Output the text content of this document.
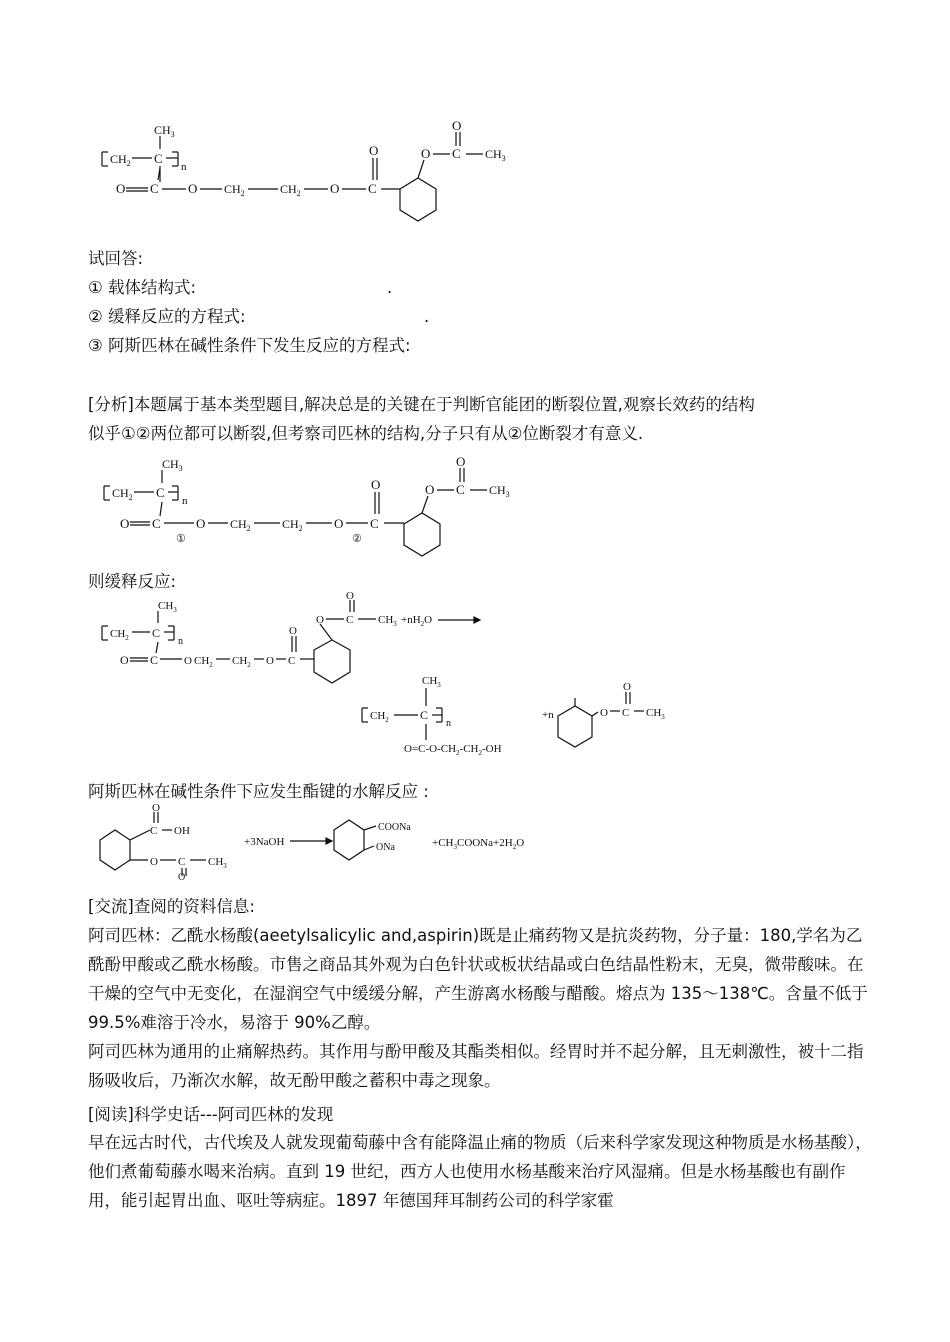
$CH_2$ C
$CH_3$
n
O C O $CH_2$	$CH_2$ O C
O	O C
O
$CH_3$
试回答:
① 载体结构式:	.
② 缓释反应的方程式:	.
③ 阿斯匹林在碱性条件下发生反应的方程式:
[分析]本题属于基本类型题目,解决总是的关键在于判断官能团的断裂位置,观察长效药的结构
似乎①②两位都可以断裂,但考察司匹林的结构,分子只有从②位断裂才有意义.
$CH_2$ C
$CH_3$
n
O C
①
O $CH_2$	$CH_2$ O
②
C
O	O C
O
$CH_3$
则缓释反应:
$CH_2$ C
$CH_3$
n
O C O $CH_2$ $CH_2$ O C
O
O C
O
$CH_3 +nH_2O$
$CH_2$	C
$CH_3$
n
$O=C-O-CH_2-CH_2-OH$
+n	O C
O
$CH_3$
阿斯匹林在碱性条件下应发生酯键的水解反应 :
C
O
OH
O C
O
$CH_3$
+3NaOH
COONa
ONa	$+CH_3COONa+2H_2O$
[交流]查阅的资料信息:

阿司匹林：乙酰水杨酸(aeetylsalicylic and,aspirin)既是止痛药物又是抗炎药物，分子量：180,学名为乙酰酚甲酸或乙酰水杨酸。市售之商品其外观为白色针状或板状结晶或白色结晶性粉末，无臭，微带酸味。在干燥的空气中无变化，在湿润空气中缓缓分解，产生游离水杨酸与醋酸。熔点为 135～138℃。含量不低于 99.5%难溶于冷水，易溶于 90%乙醇。

阿司匹林为通用的止痛解热药。其作用与酚甲酸及其酯类相似。经胃时并不起分解，且无刺激性，被十二指肠吸收后，乃渐次水解，故无酚甲酸之蓄积中毒之现象。

[阅读]科学史话---阿司匹林的发现

早在远古时代，古代埃及人就发现葡萄藤中含有能降温止痛的物质（后来科学家发现这种物质是水杨基酸），他们煮葡萄藤水喝来治病。直到 19 世纪，西方人也使用水杨基酸来治疗风湿痛。但是水杨基酸也有副作用，能引起胃出血、呕吐等病症。1897 年德国拜耳制药公司的科学家霍
